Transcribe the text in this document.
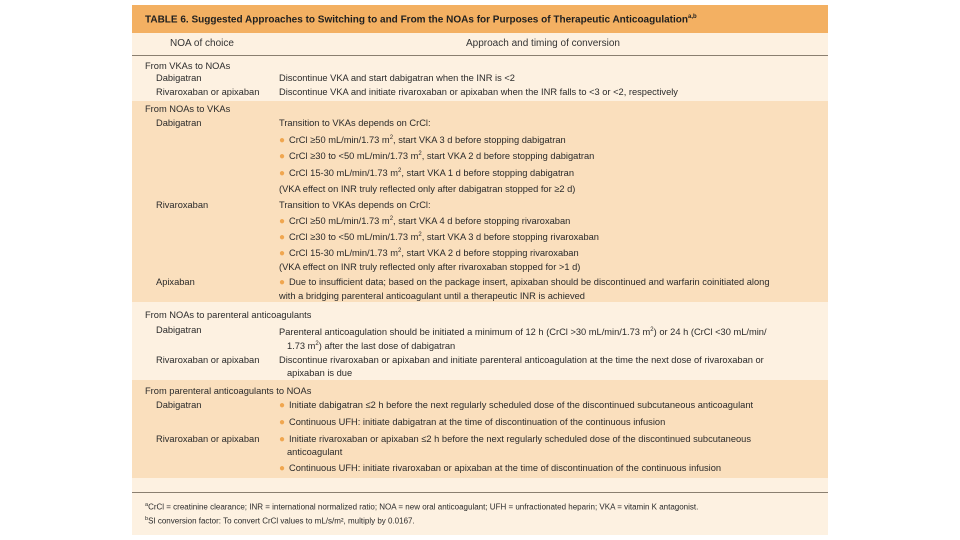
TABLE 6. Suggested Approaches to Switching to and From the NOAs for Purposes of Therapeutic Anticoagulation$^{a,b}$
NOA of choice	Approach and timing of conversion
From VKAs to NOAs
Dabigatran	Discontinue VKA and start dabigatran when the INR is <2
Rivaroxaban or apixaban Discontinue VKA and initiate rivaroxaban or apixaban when the INR falls to <3 or <2, respectively
From NOAs to VKAs
Dabigatran	Transition to VKAs depends on CrCl:
● CrCl ≥50 mL/min/1.73 $m^2$, start VKA 3 d before stopping dabigatran
● CrCl ≥30 to <50 mL/min/1.73 $m^2$, start VKA 2 d before stopping dabigatran
● CrCl 15-30 mL/min/1.73 $m^2$, start VKA 1 d before stopping dabigatran
(VKA effect on INR truly reflected only after dabigatran stopped for ≥2 d)
Rivaroxaban	Transition to VKAs depends on CrCl:
● CrCl ≥50 mL/min/1.73 $m^2$, start VKA 4 d before stopping rivaroxaban
● CrCl ≥30 to <50 mL/min/1.73 $m^2$, start VKA 3 d before stopping rivaroxaban
● CrCl 15-30 mL/min/1.73 $m^2$, start VKA 2 d before stopping rivaroxaban
(VKA effect on INR truly reflected only after rivaroxaban stopped for >1 d)
Apixaban	● Due to insufficient data; based on the package insert, apixaban should be discontinued and warfarin coinitiated along
with a bridging parenteral anticoagulant until a therapeutic INR is achieved
From NOAs to parenteral anticoagulants
Dabigatran	Parenteral anticoagulation should be initiated a minimum of 12 h (CrCl >30 mL/min/1.73 $m^2$) or 24 h (CrCl <30 mL/min/
1.73 $m^2$) after the last dose of dabigatran
Rivaroxaban or apixaban Discontinue rivaroxaban or apixaban and initiate parenteral anticoagulation at the time the next dose of rivaroxaban or
apixaban is due
From parenteral anticoagulants to NOAs
Dabigatran	● Initiate dabigatran ≤2 h before the next regularly scheduled dose of the discontinued subcutaneous anticoagulant
● Continuous UFH: initiate dabigatran at the time of discontinuation of the continuous infusion
Rivaroxaban or apixaban ● Initiate rivaroxaban or apixaban ≤2 h before the next regularly scheduled dose of the discontinued subcutaneous
anticoagulant
● Continuous UFH: initiate rivaroxaban or apixaban at the time of discontinuation of the continuous infusion
$^a$CrCl = creatinine clearance; INR = international normalized ratio; NOA = new oral anticoagulant; UFH = unfractionated heparin; VKA = vitamin K antagonist.
$^b$SI conversion factor: To convert CrCl values to mL/s/m², multiply by 0.0167.
